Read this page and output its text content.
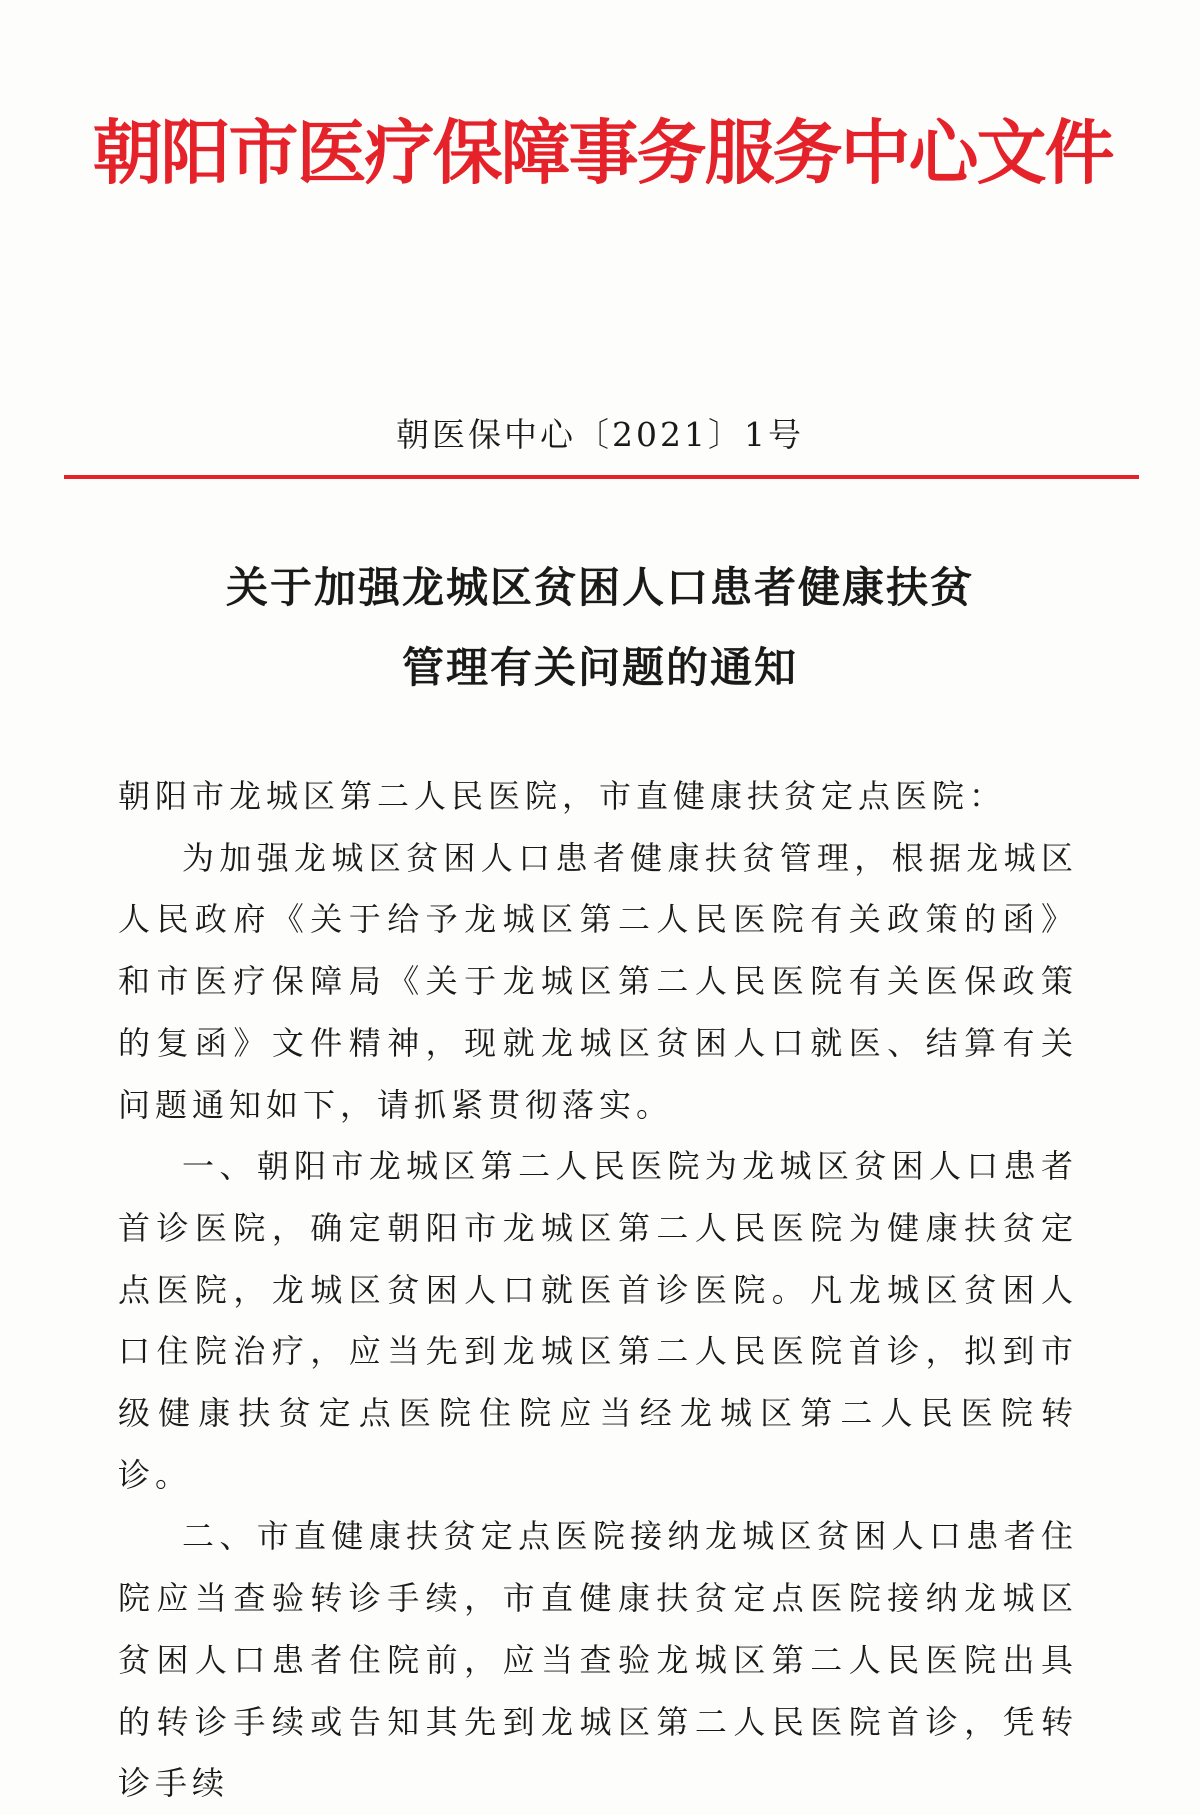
朝阳市医疗保障事务服务中心文件
朝医保中心〔2021〕1号
关于加强龙城区贫困人口患者健康扶贫
管理有关问题的通知

朝阳市龙城区第二人民医院，市直健康扶贫定点医院：

为加强龙城区贫困人口患者健康扶贫管理，根据龙城区人民政府《关于给予龙城区第二人民医院有关政策的函》和市医疗保障局《关于龙城区第二人民医院有关医保政策的复函》文件精神，现就龙城区贫困人口就医、结算有关问题通知如下，请抓紧贯彻落实。

一、朝阳市龙城区第二人民医院为龙城区贫困人口患者首诊医院，确定朝阳市龙城区第二人民医院为健康扶贫定点医院，龙城区贫困人口就医首诊医院。凡龙城区贫困人口住院治疗，应当先到龙城区第二人民医院首诊，拟到市级健康扶贫定点医院住院应当经龙城区第二人民医院转诊。

二、市直健康扶贫定点医院接纳龙城区贫困人口患者住院应当查验转诊手续，市直健康扶贫定点医院接纳龙城区贫困人口患者住院前，应当查验龙城区第二人民医院出具的转诊手续或告知其先到龙城区第二人民医院首诊，凭转诊手续
